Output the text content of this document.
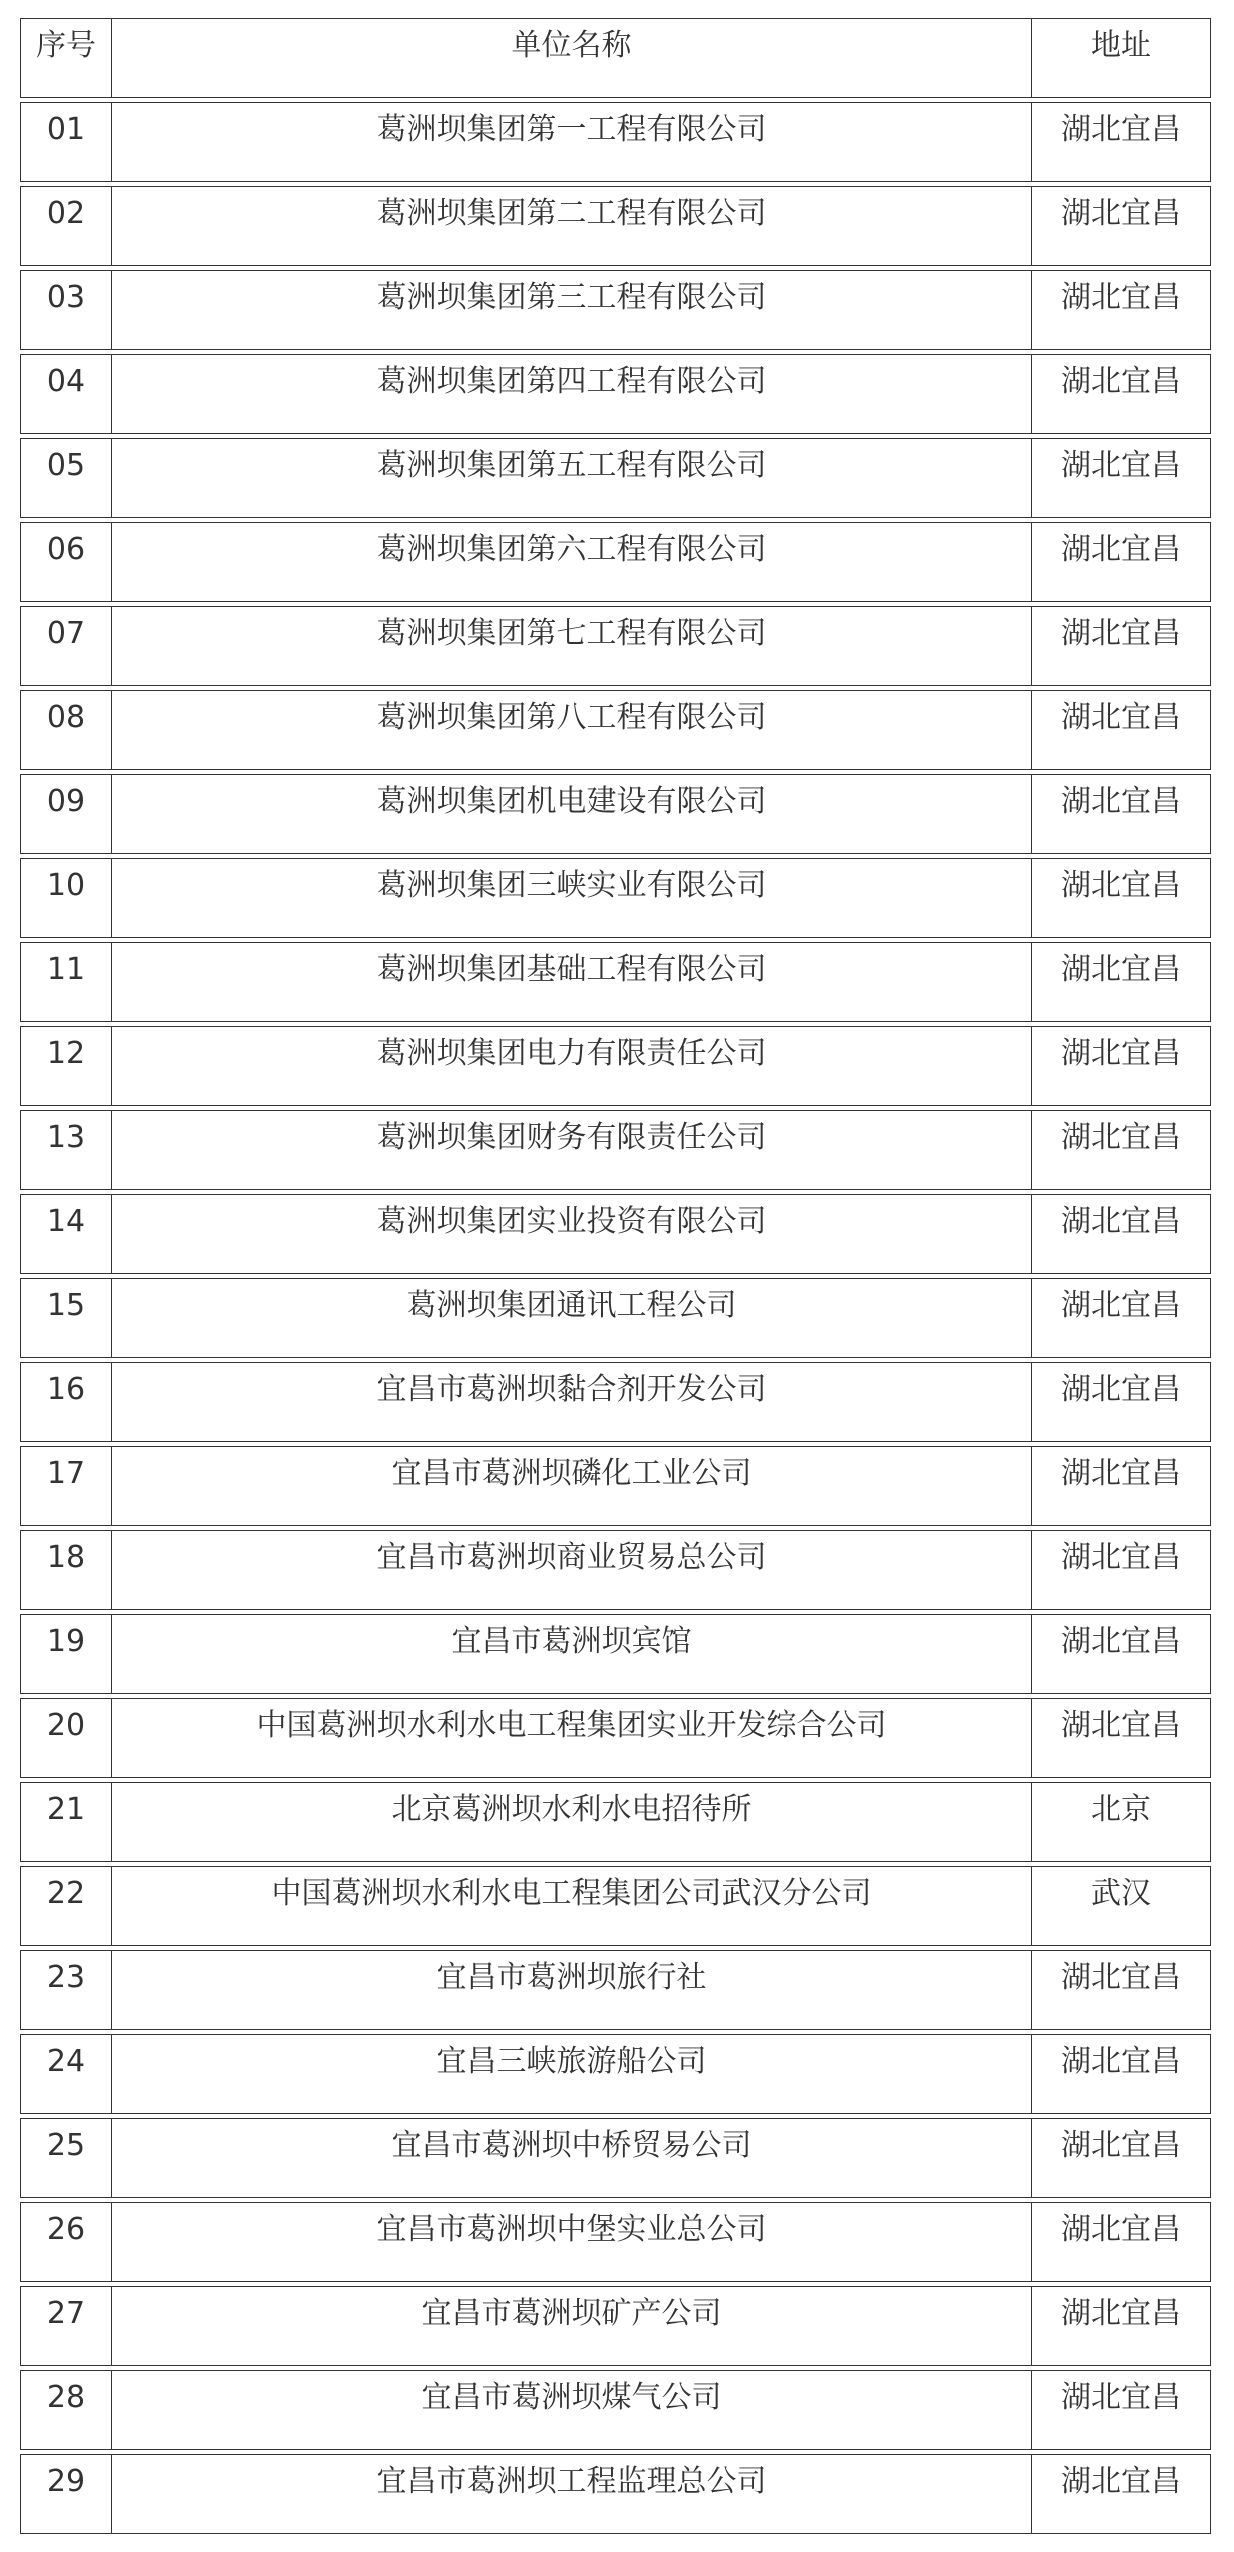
序号	单位名称	地址
01	葛洲坝集团第一工程有限公司	湖北宜昌
02	葛洲坝集团第二工程有限公司	湖北宜昌
03	葛洲坝集团第三工程有限公司	湖北宜昌
04	葛洲坝集团第四工程有限公司	湖北宜昌
05	葛洲坝集团第五工程有限公司	湖北宜昌
06	葛洲坝集团第六工程有限公司	湖北宜昌
07	葛洲坝集团第七工程有限公司	湖北宜昌
08	葛洲坝集团第八工程有限公司	湖北宜昌
09	葛洲坝集团机电建设有限公司	湖北宜昌
10	葛洲坝集团三峡实业有限公司	湖北宜昌
11	葛洲坝集团基础工程有限公司	湖北宜昌
12	葛洲坝集团电力有限责任公司	湖北宜昌
13	葛洲坝集团财务有限责任公司	湖北宜昌
14	葛洲坝集团实业投资有限公司	湖北宜昌
15	葛洲坝集团通讯工程公司	湖北宜昌
16	宜昌市葛洲坝黏合剂开发公司	湖北宜昌
17	宜昌市葛洲坝磷化工业公司	湖北宜昌
18	宜昌市葛洲坝商业贸易总公司	湖北宜昌
19	宜昌市葛洲坝宾馆	湖北宜昌
20	中国葛洲坝水利水电工程集团实业开发综合公司	湖北宜昌
21	北京葛洲坝水利水电招待所	北京
22	中国葛洲坝水利水电工程集团公司武汉分公司	武汉
23	宜昌市葛洲坝旅行社	湖北宜昌
24	宜昌三峡旅游船公司	湖北宜昌
25	宜昌市葛洲坝中桥贸易公司	湖北宜昌
26	宜昌市葛洲坝中堡实业总公司	湖北宜昌
27	宜昌市葛洲坝矿产公司	湖北宜昌
28	宜昌市葛洲坝煤气公司	湖北宜昌
29	宜昌市葛洲坝工程监理总公司	湖北宜昌
